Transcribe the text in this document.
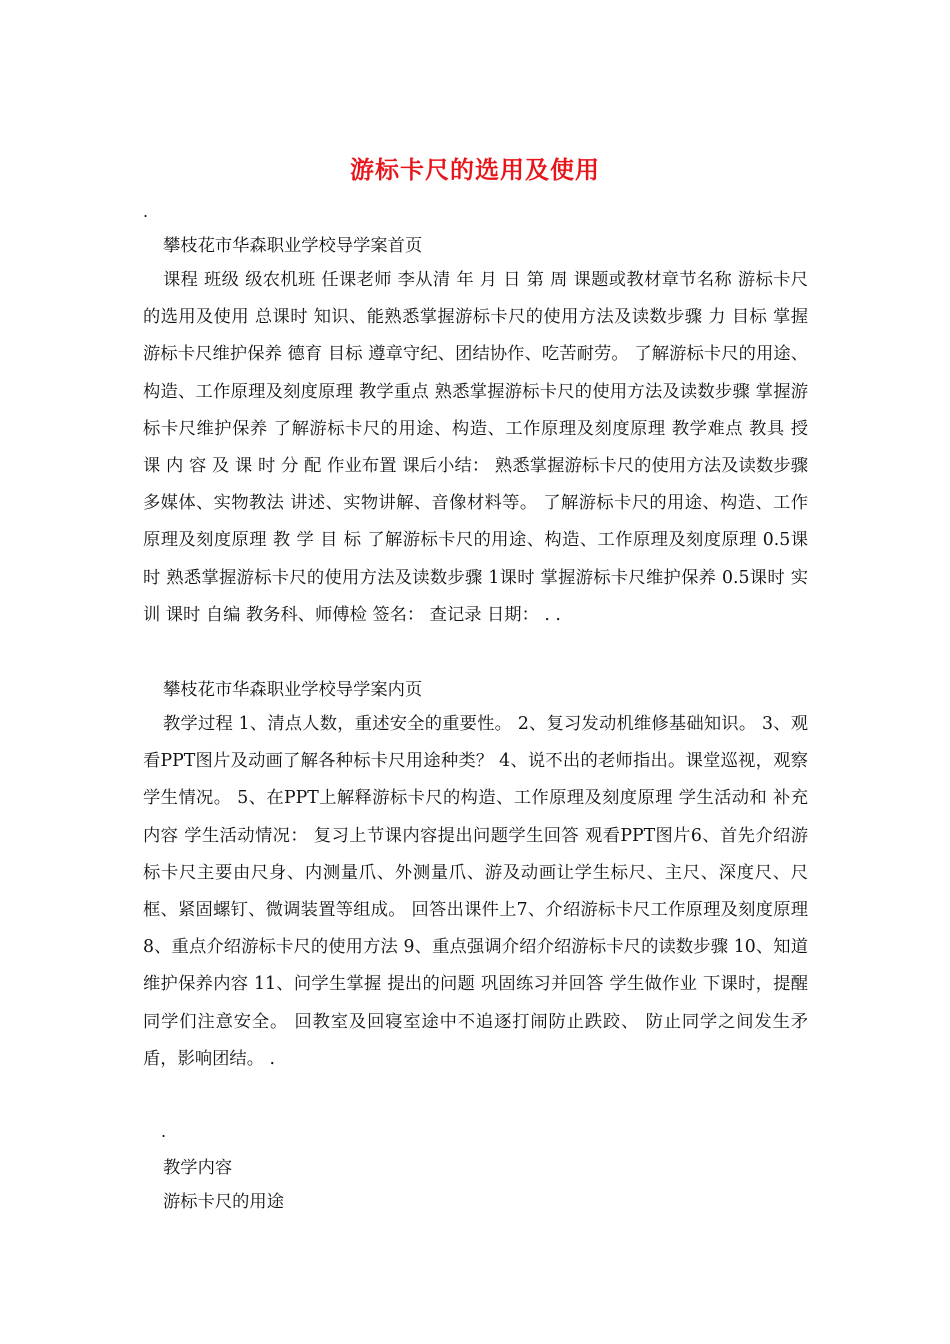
游标卡尺的选用及使用
.

攀枝花市华森职业学校导学案首页

课程 班级 级农机班 任课老师 李从清 年 月 日 第 周 课题或教材章节名称 游标卡尺的选用及使用 总课时 知识、能熟悉掌握游标卡尺的使用方法及读数步骤 力 目标 掌握游标卡尺维护保养 德育 目标 遵章守纪、团结协作、吃苦耐劳。 了解游标卡尺的用途、构造、工作原理及刻度原理 教学重点 熟悉掌握游标卡尺的使用方法及读数步骤 掌握游标卡尺维护保养 了解游标卡尺的用途、构造、工作原理及刻度原理 教学难点 教具 授 课 内 容 及 课 时 分 配 作业布置 课后小结： 熟悉掌握游标卡尺的使用方法及读数步骤 多媒体、实物教法 讲述、实物讲解、音像材料等。 了解游标卡尺的用途、构造、工作原理及刻度原理 教 学 目 标 了解游标卡尺的用途、构造、工作原理及刻度原理 0.5课时 熟悉掌握游标卡尺的使用方法及读数步骤 1课时 掌握游标卡尺维护保养 0.5课时 实训 课时 自编 教务科、师傅检 签名： 查记录 日期： . .

攀枝花市华森职业学校导学案内页

教学过程 1、清点人数，重述安全的重要性。 2、复习发动机维修基础知识。 3、观看PPT图片及动画了解各种标卡尺用途种类？ 4、说不出的老师指出。课堂巡视，观察学生情况。 5、在PPT上解释游标卡尺的构造、工作原理及刻度原理 学生活动和 补充内容 学生活动情况： 复习上节课内容提出问题学生回答 观看PPT图片6、首先介绍游标卡尺主要由尺身、内测量爪、外测量爪、游及动画让学生标尺、主尺、深度尺、尺框、紧固螺钉、微调装置等组成。 回答出课件上7、介绍游标卡尺工作原理及刻度原理 8、重点介绍游标卡尺的使用方法 9、重点强调介绍介绍游标卡尺的读数步骤 10、知道维护保养内容 11、问学生掌握 提出的问题 巩固练习并回答 学生做作业 下课时，提醒同学们注意安全。 回教室及回寝室途中不追逐打闹防止跌跤、 防止同学之间发生矛盾，影响团结。 .

.

教学内容

游标卡尺的用途
